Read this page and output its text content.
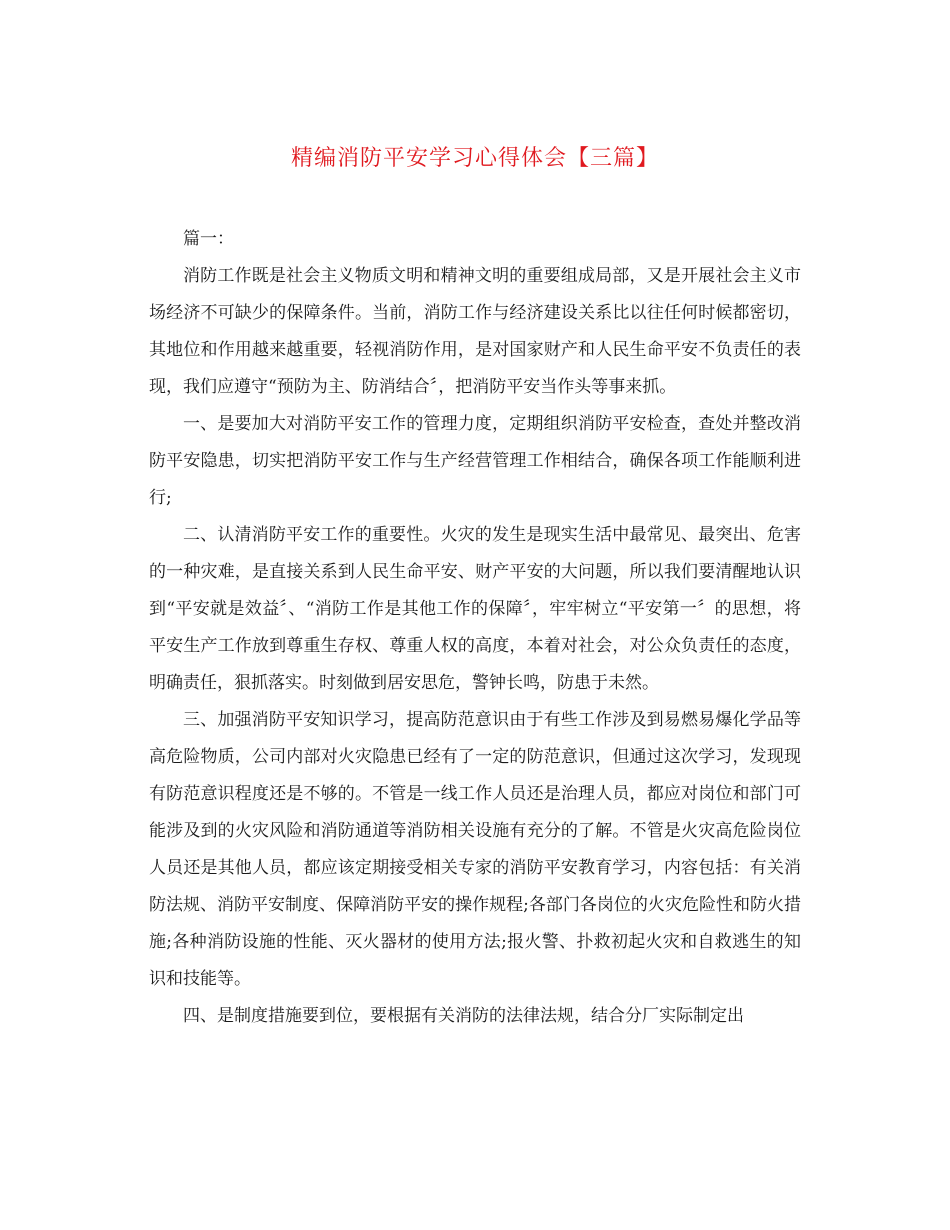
精编消防平安学习心得体会【三篇】

篇一：

消防工作既是社会主义物质文明和精神文明的重要组成局部，又是开展社会主义市场经济不可缺少的保障条件。当前，消防工作与经济建设关系比以往任何时候都密切，其地位和作用越来越重要，轻视消防作用，是对国家财产和人民生命平安不负责任的表现，我们应遵守“预防为主、防消结合〞，把消防平安当作头等事来抓。

一、是要加大对消防平安工作的管理力度，定期组织消防平安检查，查处并整改消防平安隐患，切实把消防平安工作与生产经营管理工作相结合，确保各项工作能顺利进行;

二、认清消防平安工作的重要性。火灾的发生是现实生活中最常见、最突出、危害的一种灾难，是直接关系到人民生命平安、财产平安的大问题，所以我们要清醒地认识到“平安就是效益〞、“消防工作是其他工作的保障〞，牢牢树立“平安第一〞的思想，将平安生产工作放到尊重生存权、尊重人权的高度，本着对社会，对公众负责任的态度，明确责任，狠抓落实。时刻做到居安思危，警钟长鸣，防患于未然。

三、加强消防平安知识学习，提高防范意识由于有些工作涉及到易燃易爆化学品等高危险物质，公司内部对火灾隐患已经有了一定的防范意识，但通过这次学习，发现现有防范意识程度还是不够的。不管是一线工作人员还是治理人员，都应对岗位和部门可能涉及到的火灾风险和消防通道等消防相关设施有充分的了解。不管是火灾高危险岗位人员还是其他人员，都应该定期接受相关专家的消防平安教育学习，内容包括：有关消防法规、消防平安制度、保障消防平安的操作规程;各部门各岗位的火灾危险性和防火措施;各种消防设施的性能、灭火器材的使用方法;报火警、扑救初起火灾和自救逃生的知识和技能等。

四、是制度措施要到位，要根据有关消防的法律法规，结合分厂实际制定出
